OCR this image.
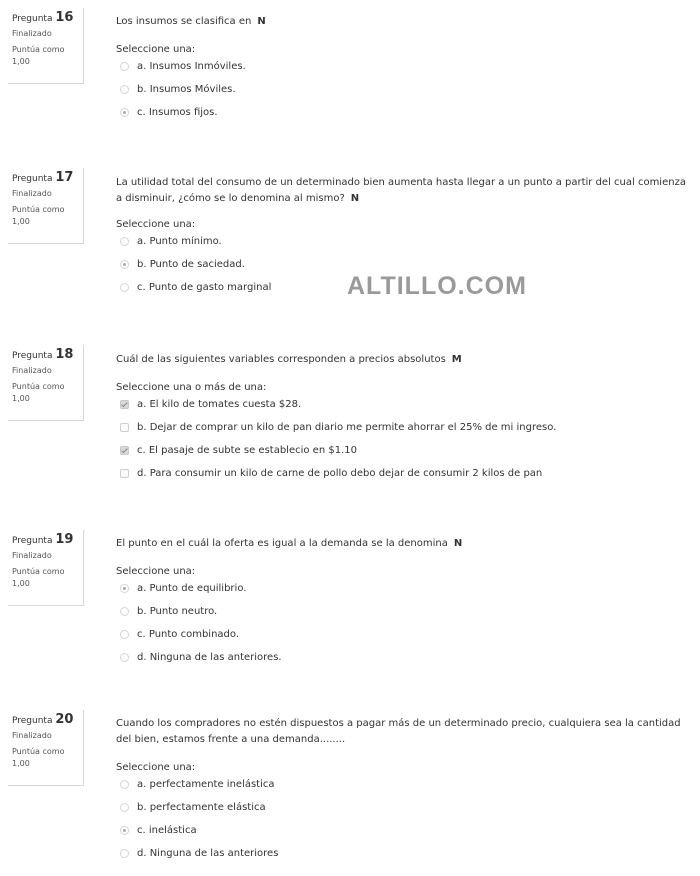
Pregunta 16
Finalizado
Puntúa como 1,00
Los insumos se clasifica en N
Seleccione una:
a. Insumos Inmóviles.
b. Insumos Móviles.
c. Insumos fijos.
Pregunta 17
Finalizado
Puntúa como 1,00
La utilidad total del consumo de un determinado bien aumenta hasta llegar a un punto a partir del cual comienza a disminuir, ¿cómo se lo denomina al mismo? N
Seleccione una:
a. Punto mínimo.
b. Punto de saciedad.
c. Punto de gasto marginal	ALTILLO.COM
Pregunta 18
Finalizado
Puntúa como 1,00
Cuál de las siguientes variables corresponden a precios absolutos M
Seleccione una o más de una:
a. El kilo de tomates cuesta $28.
b. Dejar de comprar un kilo de pan diario me permite ahorrar el 25% de mi ingreso.
c. El pasaje de subte se establecio en $1.10
d. Para consumir un kilo de carne de pollo debo dejar de consumir 2 kilos de pan
Pregunta 19
Finalizado
Puntúa como 1,00
El punto en el cuál la oferta es igual a la demanda se la denomina N
Seleccione una:
a. Punto de equilibrio.
b. Punto neutro.
c. Punto combinado.
d. Ninguna de las anteriores.
Pregunta 20
Finalizado
Puntúa como 1,00
Cuando los compradores no estén dispuestos a pagar más de un determinado precio, cualquiera sea la cantidad del bien, estamos frente a una demanda........
Seleccione una:
a. perfectamente inelástica
b. perfectamente elástica
c. inelástica
d. Ninguna de las anteriores
